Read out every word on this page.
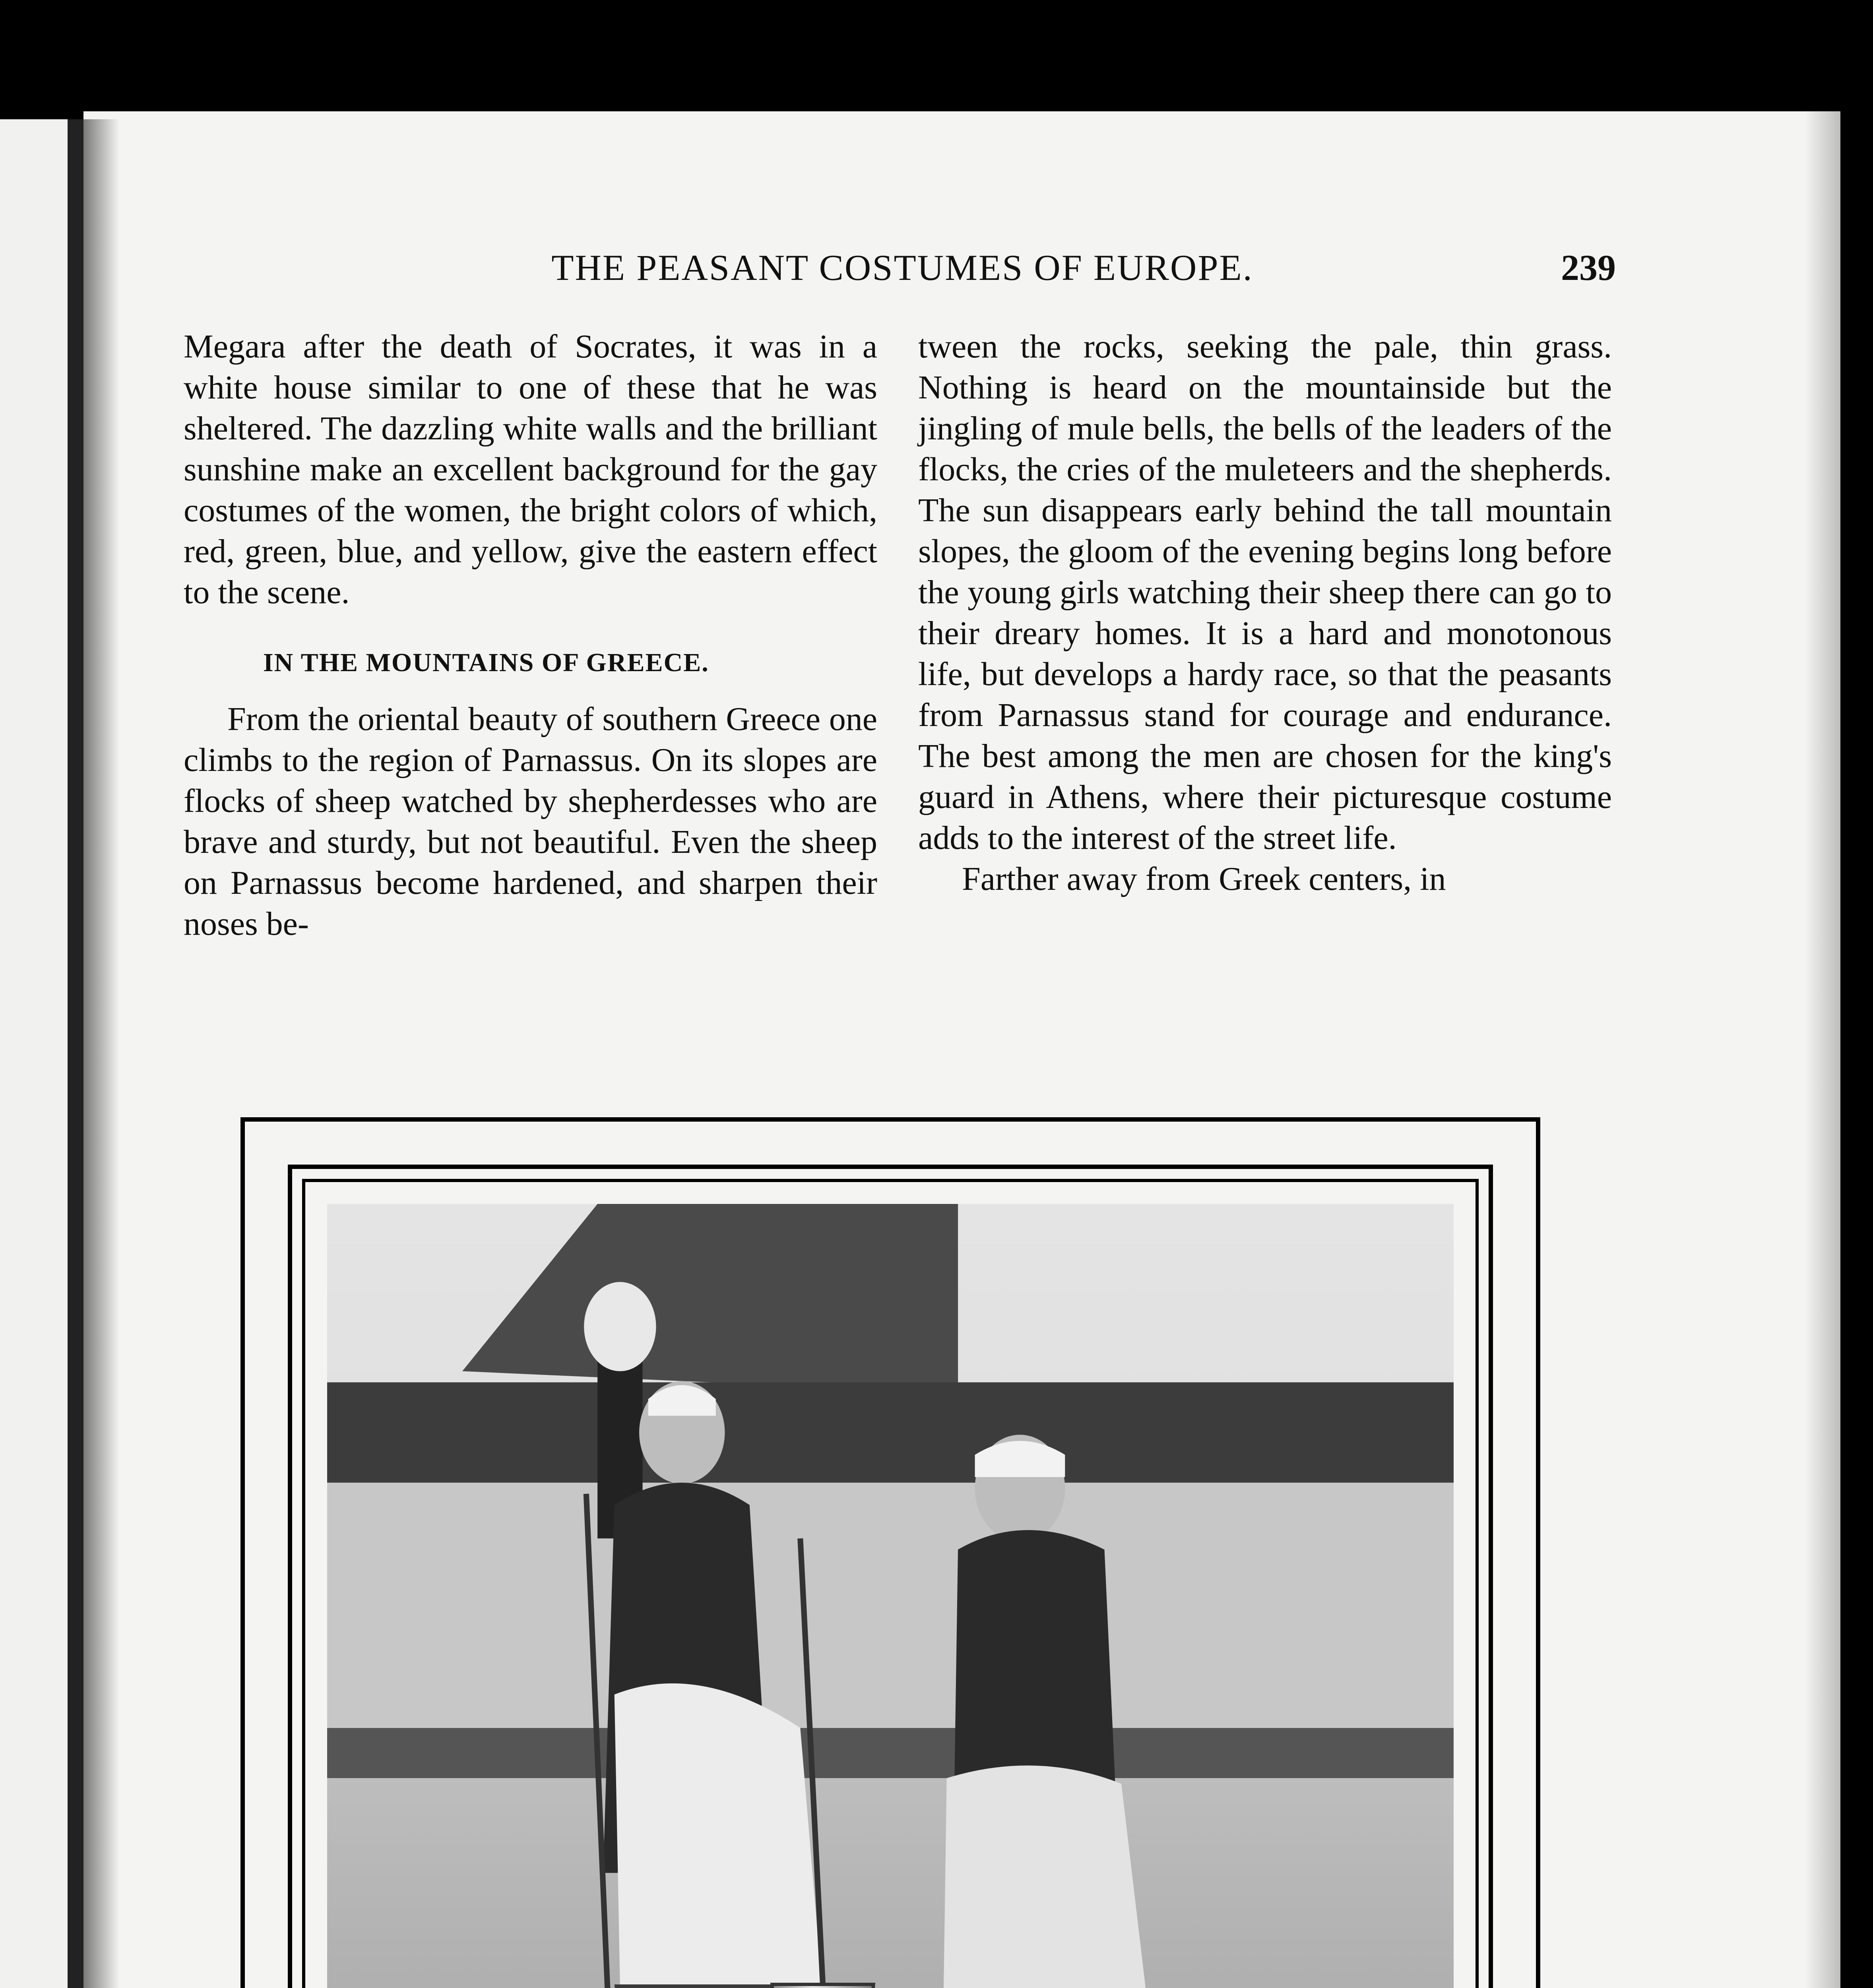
THE PEASANT COSTUMES OF EUROPE.	239

Megara after the death of Socrates, it was in a white house similar to one of these that he was sheltered. The dazzling white walls and the brilliant sunshine make an excellent background for the gay costumes of the women, the bright colors of which, red, green, blue, and yellow, give the eastern effect to the scene.

IN THE MOUNTAINS OF GREECE.

From the oriental beauty of southern Greece one climbs to the region of Parnassus. On its slopes are flocks of sheep watched by shepherdesses who are brave and sturdy, but not beautiful. Even the sheep on Parnassus become hardened, and sharpen their noses be-

tween the rocks, seeking the pale, thin grass. Nothing is heard on the mountainside but the jingling of mule bells, the bells of the leaders of the flocks, the cries of the muleteers and the shepherds. The sun disappears early behind the tall mountain slopes, the gloom of the evening begins long before the young girls watching their sheep there can go to their dreary homes. It is a hard and monotonous life, but develops a hardy race, so that the peasants from Parnassus stand for courage and endurance. The best among the men are chosen for the king's guard in Athens, where their picturesque costume adds to the interest of the street life.

Farther away from Greek centers, in
